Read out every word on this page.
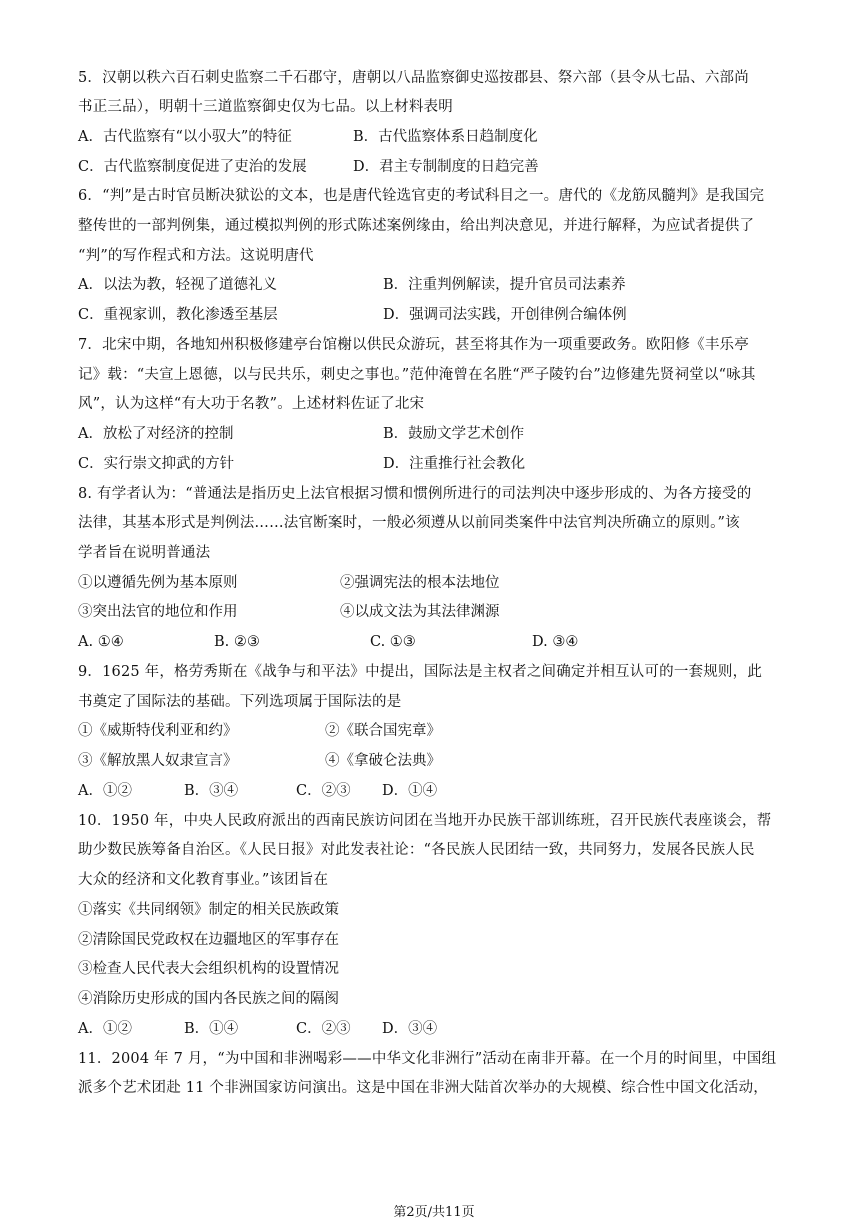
5．汉朝以秩六百石刺史监察二千石郡守，唐朝以八品监察御史巡按郡县、祭六部（县令从七品、六部尚
书正三品），明朝十三道监察御史仅为七品。以上材料表明
A．古代监察有“以小驭大”的特征	B．古代监察体系日趋制度化
C．古代监察制度促进了吏治的发展	D．君主专制制度的日趋完善
6．“判”是古时官员断决狱讼的文本，也是唐代铨选官吏的考试科目之一。唐代的《龙筋凤髓判》是我国完
整传世的一部判例集，通过模拟判例的形式陈述案例缘由，给出判决意见，并进行解释，为应试者提供了
“判”的写作程式和方法。这说明唐代
A．以法为教，轻视了道德礼义	B．注重判例解读，提升官员司法素养
C．重视家训，教化渗透至基层	D．强调司法实践，开创律例合编体例
7．北宋中期，各地知州积极修建亭台馆榭以供民众游玩，甚至将其作为一项重要政务。欧阳修《丰乐亭
记》载：“夫宣上恩德，以与民共乐，刺史之事也。”范仲淹曾在名胜“严子陵钓台”边修建先贤祠堂以“咏其
风”，认为这样“有大功于名教”。上述材料佐证了北宋
A．放松了对经济的控制	B．鼓励文学艺术创作
C．实行崇文抑武的方针	D．注重推行社会教化
8. 有学者认为：“普通法是指历史上法官根据习惯和惯例所进行的司法判决中逐步形成的、为各方接受的
法律，其基本形式是判例法……法官断案时，一般必须遵从以前同类案件中法官判决所确立的原则。”该
学者旨在说明普通法
①以遵循先例为基本原则	②强调宪法的根本法地位
③突出法官的地位和作用	④以成文法为其法律渊源
A. ①④	B. ②③	C. ①③	D. ③④
9．1625 年，格劳秀斯在《战争与和平法》中提出，国际法是主权者之间确定并相互认可的一套规则，此
书奠定了国际法的基础。下列选项属于国际法的是
①《威斯特伐利亚和约》	②《联合国宪章》
③《解放黑人奴隶宣言》	④《拿破仑法典》
A．①②	B．③④	C．②③ D．①④
10．1950 年，中央人民政府派出的西南民族访问团在当地开办民族干部训练班，召开民族代表座谈会，帮
助少数民族筹备自治区。《人民日报》对此发表社论：“各民族人民团结一致，共同努力，发展各民族人民
大众的经济和文化教育事业。”该团旨在
①落实《共同纲领》制定的相关民族政策
②清除国民党政权在边疆地区的军事存在
③检查人民代表大会组织机构的设置情况
④消除历史形成的国内各民族之间的隔阂
A．①②	B．①④	C．②③ D．③④
11．2004 年 7 月，“为中国和非洲喝彩——中华文化非洲行”活动在南非开幕。在一个月的时间里，中国组
派多个艺术团赴 11 个非洲国家访问演出。这是中国在非洲大陆首次举办的大规模、综合性中国文化活动，
第2页/共11页
